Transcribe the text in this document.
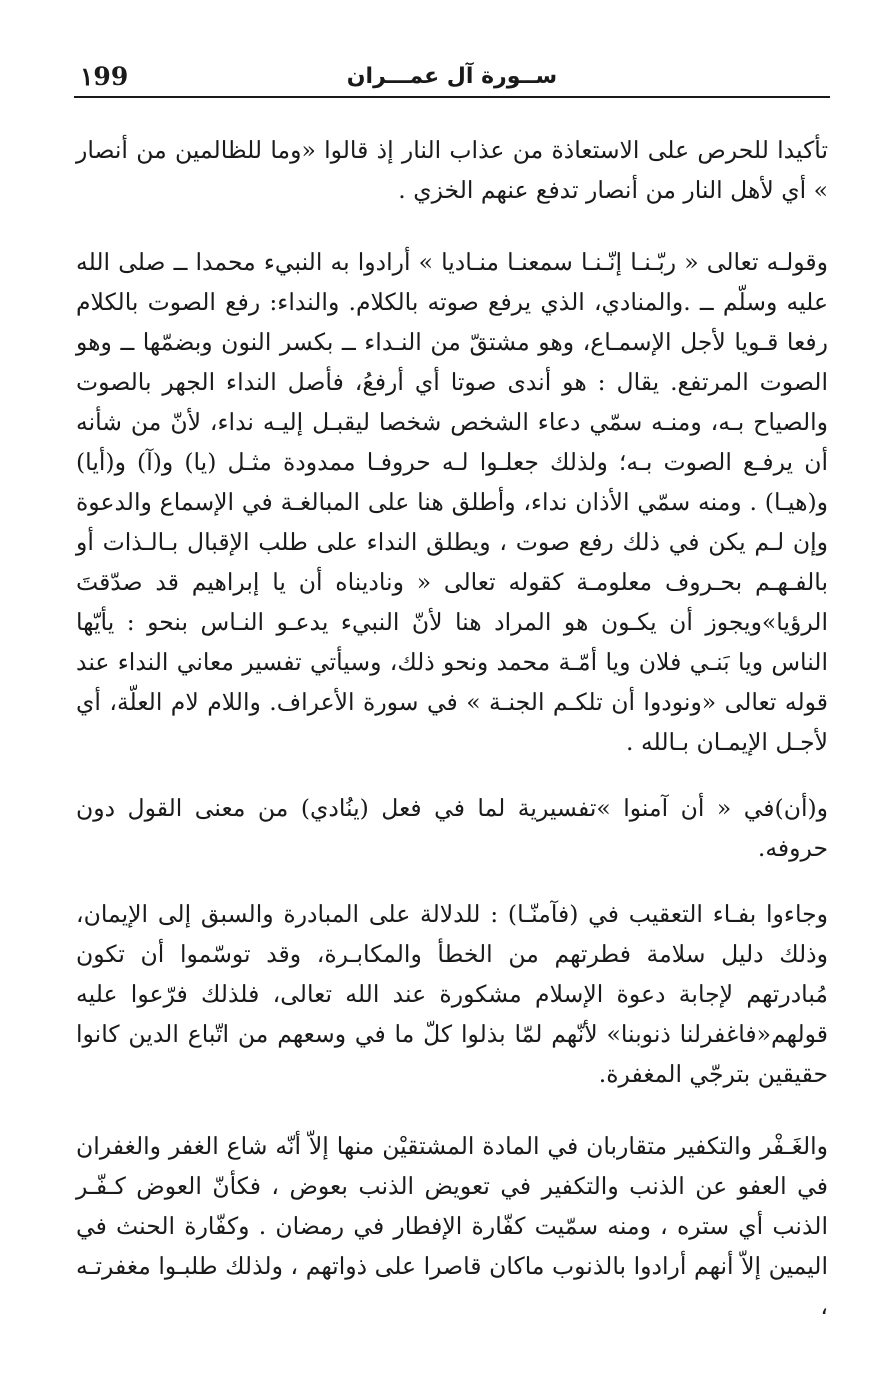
١99	ســورة آل عمـــران

تأكيدا للحرص على الاستعاذة من عذاب النار إذ قالوا «وما للظالمين من أنصار » أي لأهل النار من أنصار تدفع عنهم الخزي .

وقولـه تعالى « ربّـنـا إنّـنـا سمعنـا منـاديا » أرادوا به النبيء محمدا ــ صلى الله عليه وسلّم ــ .والمنادي، الذي يرفع صوته بالكلام. والنداء: رفع الصوت بالكلام رفعا قـويا لأجل الإسمـاع، وهو مشتقّ من النـداء ــ بكسر النون وبضمّها ــ وهو الصوت المرتفع. يقال : هو أندى صوتا أي أرفعُ، فأصل النداء الجهر بالصوت والصياح بـه، ومنـه سمّي دعاء الشخص شخصا ليقبـل إليـه نداء، لأنّ من شأنه أن يرفـع الصوت بـه؛ ولذلك جعلـوا لـه حروفـا ممدودة مثـل (يا) و(آ) و(أيا) و(هيـا) . ومنه سمّي الأذان نداء، وأطلق هنا على المبالغـة في الإسماع والدعوة وإن لـم يكن في ذلك رفع صوت ، ويطلق النداء على طلب الإقبال بـالـذات أو بالفـهـم بحـروف معلومـة كقوله تعالى « وناديناه أن يا إبراهيم قد صدّقتَ الرؤيا»ويجوز أن يكـون هو المراد هنا لأنّ النبيء يدعـو النـاس بنحو : يأيّها الناس ويا بَنـي فلان ويا أمّـة محمد ونحو ذلك، وسيأتي تفسير معاني النداء عند قوله تعالى «ونودوا أن تلكـم الجنـة » في سورة الأعراف. واللام لام العلّة، أي لأجـل الإيمـان بـالله .

و(أن)في « أن آمنوا »تفسيرية لما في فعل (ينُادي) من معنى القول دون حروفه.

وجاءوا بفـاء التعقيب في (فآمنّـا) : للدلالة على المبادرة والسبق إلى الإيمان، وذلك دليل سلامة فطرتهم من الخطأ والمكابـرة، وقد توسّموا أن تكون مُبادرتهم لإجابة دعوة الإسلام مشكورة عند الله تعالى، فلذلك فرّعوا عليه قولهم«فاغفرلنا ذنوبنا» لأنّهم لمّا بذلوا كلّ ما في وسعهم من اتّباع الدين كانوا حقيقين بترجّي المغفرة.

والغَـفْر والتكفير متقاربان في المادة المشتقيْن منها إلاّ أنّه شاع الغفر والغفران في العفو عن الذنب والتكفير في تعويض الذنب بعوض ، فكأنّ العوض كـفّـر الذنب أي ستره ، ومنه سمّيت كفّارة الإفطار في رمضان . وكفّارة الحنث في اليمين إلاّ أنهم أرادوا بالذنوب ماكان قاصرا على ذواتهم ، ولذلك طلبـوا مغفرتـه ،
